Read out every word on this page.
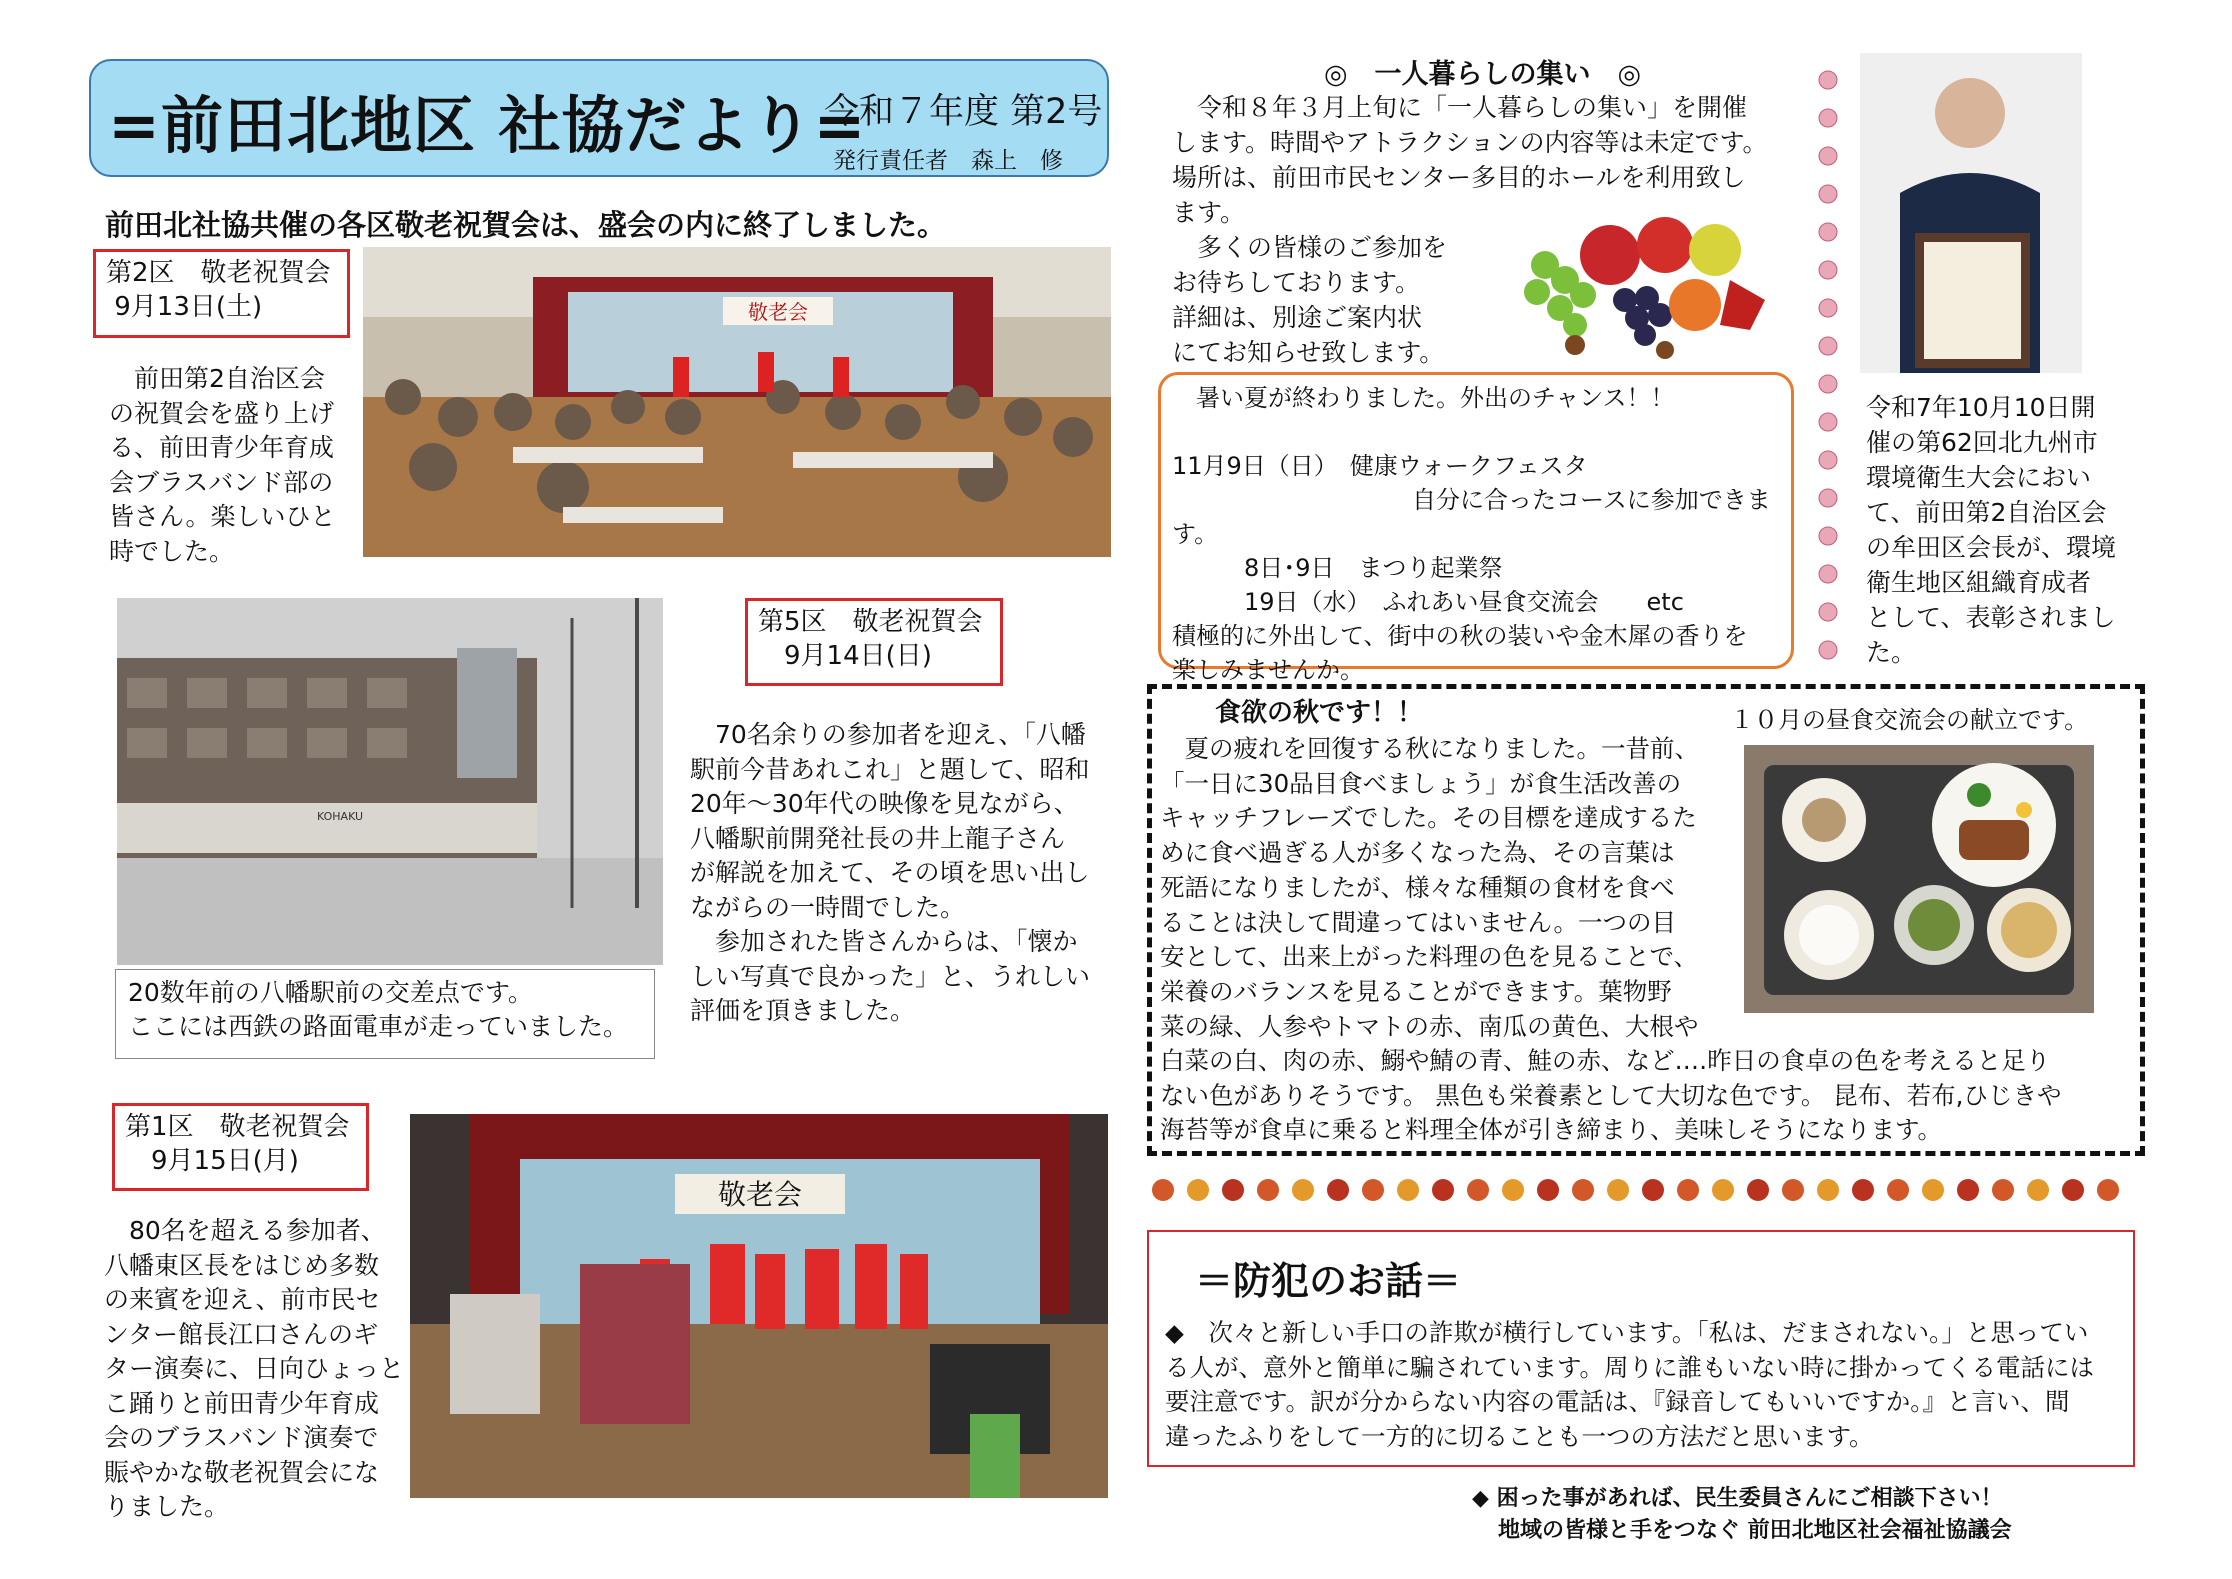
=前田北地区 社協だより=
令和７年度 第2号
発行責任者　森上　修
前田北社協共催の各区敬老祝賀会は、盛会の内に終了しました。
第2区　敬老祝賀会
9月13日(土)

　前田第2自治区会
の祝賀会を盛り上げ
る、前田青少年育成
会ブラスバンド部の
皆さん。楽しいひと
時でした。

敬老会
KOHAKU
20数年前の八幡駅前の交差点です。
ここには西鉄の路面電車が走っていました。
第5区　敬老祝賀会
　9月14日(日)

　70名余りの参加者を迎え、「八幡
駅前今昔あれこれ」と題して、昭和
20年～30年代の映像を見ながら、
八幡駅前開発社長の井上龍子さん
が解説を加えて、その頃を思い出し
ながらの一時間でした。
　参加された皆さんからは、「懐か
しい写真で良かった」と、うれしい
評価を頂きました。

第1区　敬老祝賀会
　9月15日(月)

　80名を超える参加者、
八幡東区長をはじめ多数
の来賓を迎え、前市民セ
ンター館長江口さんのギ
ター演奏に、日向ひょっと
こ踊りと前田青少年育成
会のブラスバンド演奏で
賑やかな敬老祝賀会にな
りました。

敬老会
◎　一人暮らしの集い　◎

　令和８年３月上旬に「一人暮らしの集い」を開催
します。時間やアトラクションの内容等は未定です。
場所は、前田市民センター多目的ホールを利用致し
ます。
　多くの皆様のご参加を
お待ちしております。
詳細は、別途ご案内状
にてお知らせ致します。

　暑い夏が終わりました。外出のチャンス！！

11月9日（日）　健康ウォークフェスタ
　　　　　　　　　　自分に合ったコースに参加できます。
　　　8日･9日　まつり起業祭
　　　19日（水）　ふれあい昼食交流会　　etc
積極的に外出して、街中の秋の装いや金木犀の香りを
楽しみませんか。

令和7年10月10日開
催の第62回北九州市
環境衛生大会におい
て、前田第2自治区会
の牟田区会長が、環境
衛生地区組織育成者
として、表彰されまし
た。

食欲の秋です！！	１０月の昼食交流会の献立です。

　夏の疲れを回復する秋になりました。一昔前、
「一日に30品目食べましょう」が食生活改善の
キャッチフレーズでした。その目標を達成するた
めに食べ過ぎる人が多くなった為、その言葉は
死語になりましたが、様々な種類の食材を食べ
ることは決して間違ってはいません。一つの目
安として、出来上がった料理の色を見ることで、
栄養のバランスを見ることができます。葉物野
菜の緑、人参やトマトの赤、南瓜の黄色、大根や

白菜の白、肉の赤、鰯や鯖の青、鮭の赤、など‥‥昨日の食卓の色を考えると足り
ない色がありそうです。 黒色も栄養素として大切な色です。 昆布、若布,ひじきや
海苔等が食卓に乗ると料理全体が引き締まり、美味しそうになります。

＝防犯のお話＝

◆　次々と新しい手口の詐欺が横行しています。「私は、だまされない。」と思ってい
る人が、意外と簡単に騙されています。周りに誰もいない時に掛かってくる電話には
要注意です。訳が分からない内容の電話は、『録音してもいいですか。』と言い、間
違ったふりをして一方的に切ることも一つの方法だと思います。

◆ 困った事があれば、民生委員さんにご相談下さい！
地域の皆様と手をつなぐ 前田北地区社会福祉協議会
